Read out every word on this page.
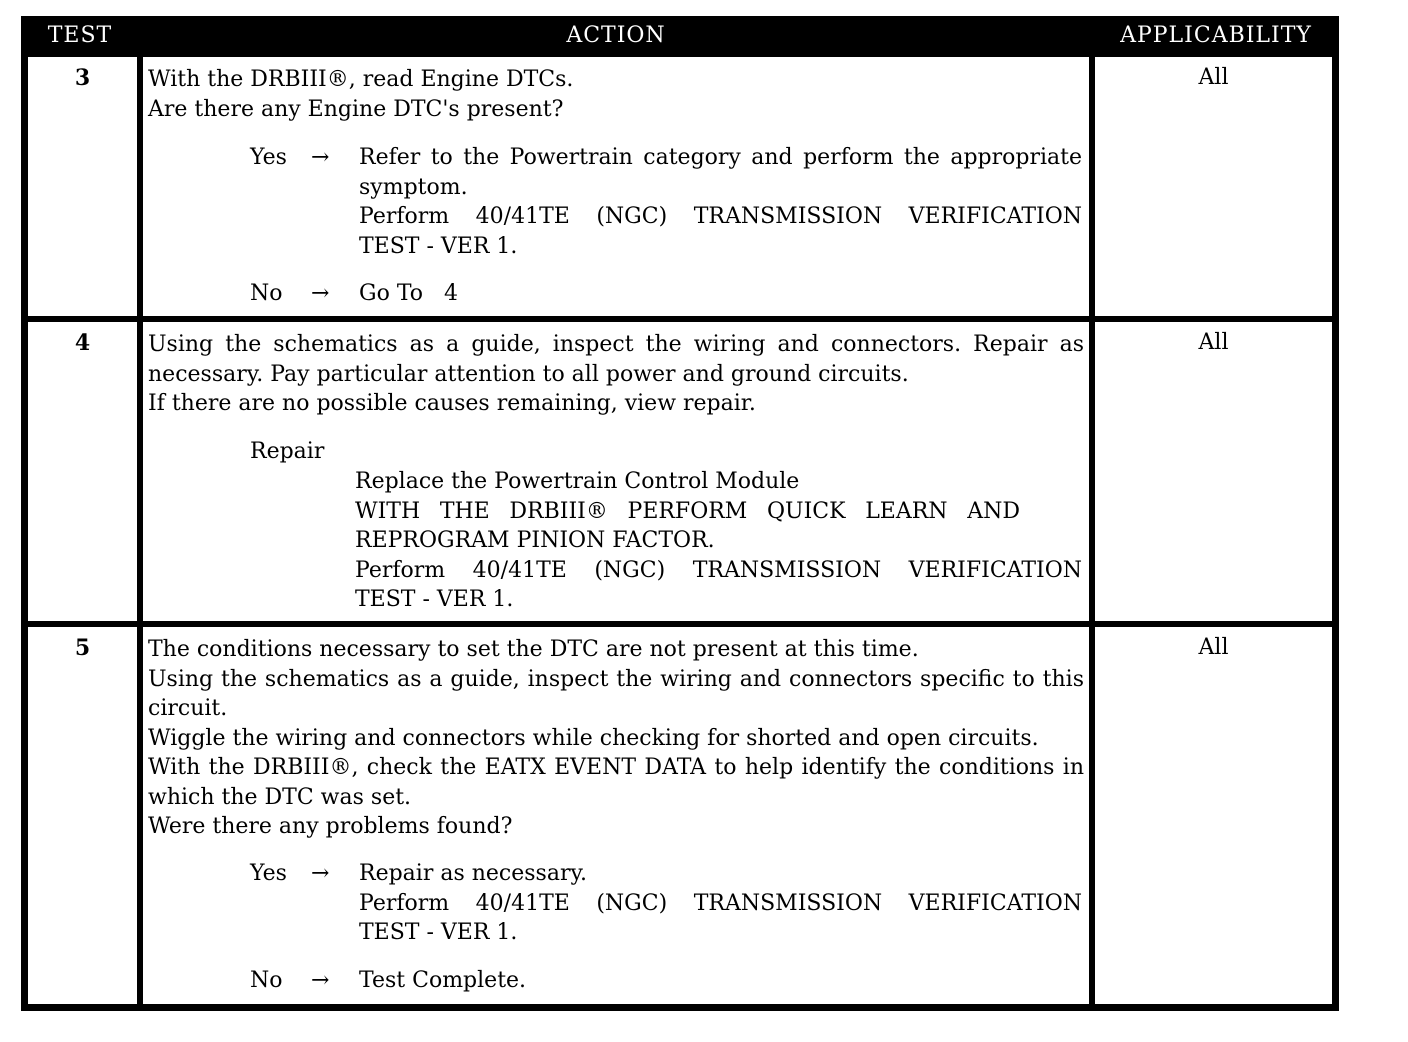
TEST	ACTION	APPLICABILITY
3	With the DRBIII®, read Engine DTCs.
Are there any Engine DTC's present?
Yes → Refer to the Powertrain category and perform the appropriate
symptom.
Perform 40/41TE (NGC) TRANSMISSION VERIFICATION
TEST - VER 1.
No → Go To   4
All
4	Using the schematics as a guide, inspect the wiring and connectors. Repair as
necessary. Pay particular attention to all power and ground circuits.
If there are no possible causes remaining, view repair.
Repair
Replace the Powertrain Control Module
WITH THE DRBIII® PERFORM QUICK LEARN AND
REPROGRAM PINION FACTOR.
Perform 40/41TE (NGC) TRANSMISSION VERIFICATION
TEST - VER 1.
All
5	The conditions necessary to set the DTC are not present at this time.
Using the schematics as a guide, inspect the wiring and connectors specific to this
circuit.
Wiggle the wiring and connectors while checking for shorted and open circuits.
With the DRBIII®, check the EATX EVENT DATA to help identify the conditions in
which the DTC was set.
Were there any problems found?
Yes → Repair as necessary.
Perform 40/41TE (NGC) TRANSMISSION VERIFICATION
TEST - VER 1.
No → Test Complete.
All
